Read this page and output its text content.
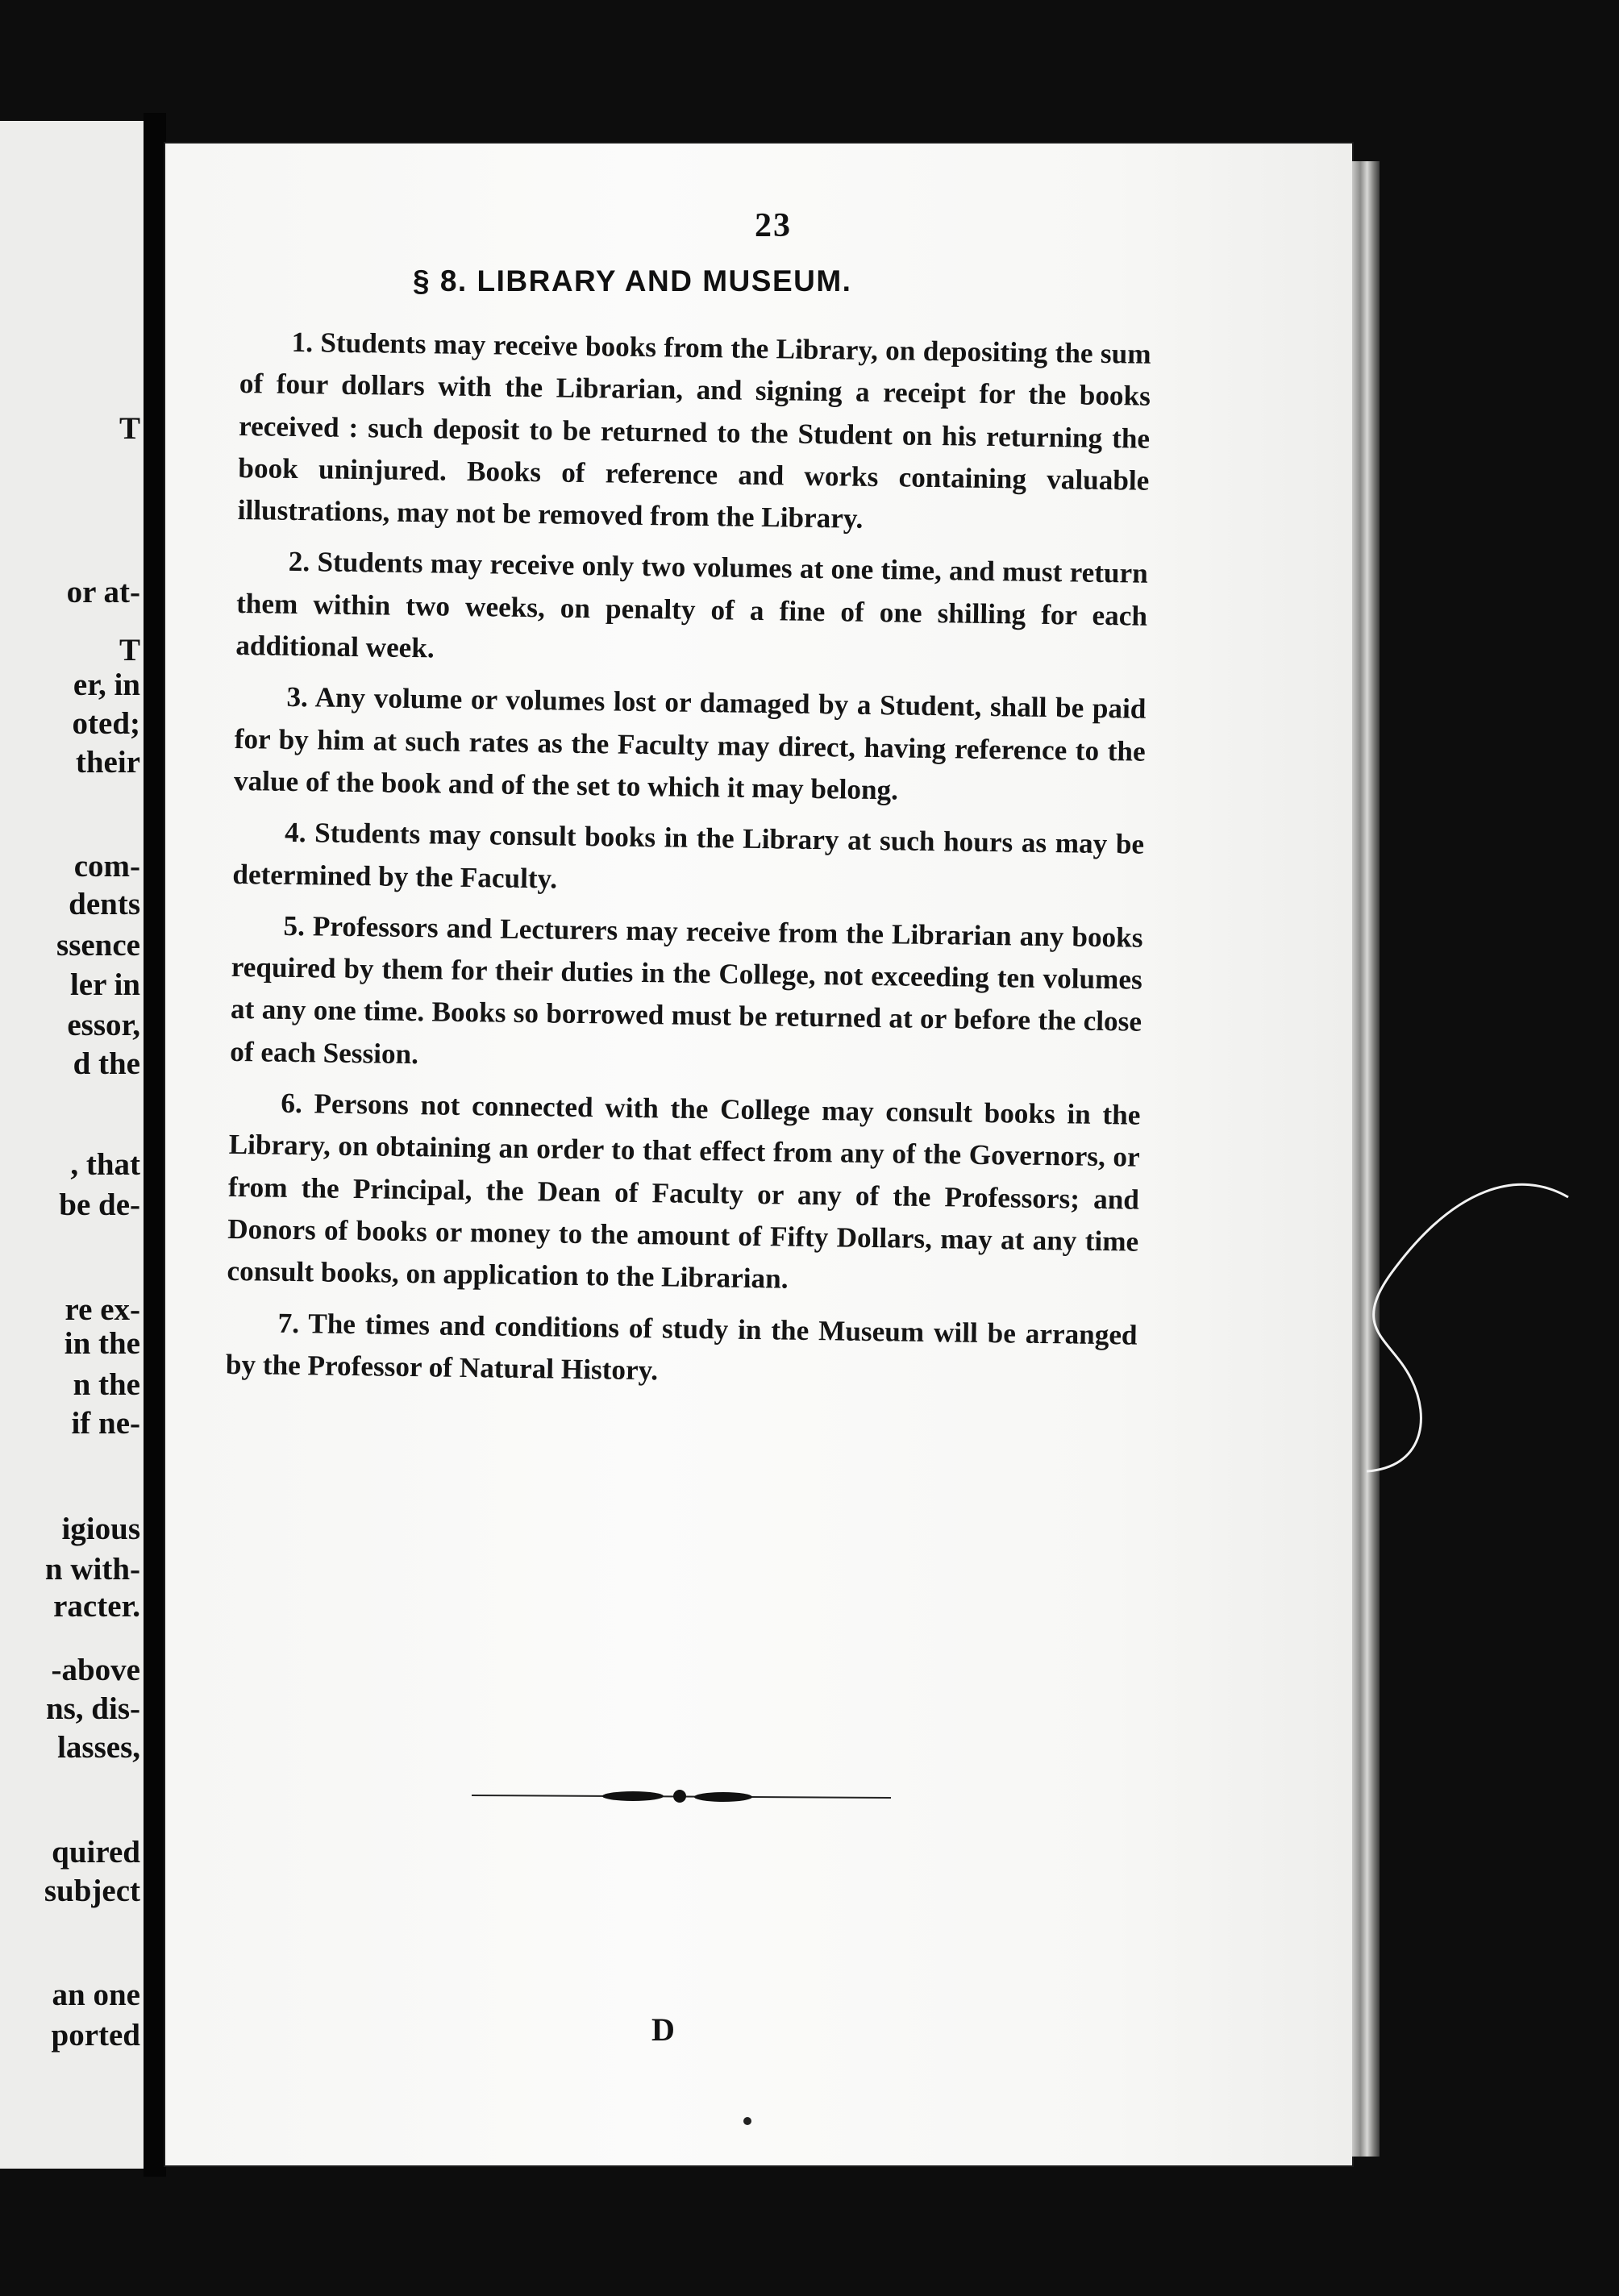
T

or at-

T

er, in

oted;

their

com-

dents

ssence

ler in

essor,

d the

, that

be de-

re ex-

in the

n the

if ne-

igious

n with-

racter.

-above

ns, dis-

lasses,

quired

subject

an one

ported

23

§ 8. LIBRARY AND MUSEUM.

1. Students may receive books from the Library, on depositing the sum of four dollars with the Librarian, and signing a receipt for the books received : such deposit to be returned to the Student on his returning the book uninjured. Books of reference and works containing valuable illustrations, may not be removed from the Library.

2. Students may receive only two volumes at one time, and must return them within two weeks, on penalty of a fine of one shilling for each additional week.

3. Any volume or volumes lost or damaged by a Student, shall be paid for by him at such rates as the Faculty may direct, having reference to the value of the book and of the set to which it may belong.

4. Students may consult books in the Library at such hours as may be determined by the Faculty.

5. Professors and Lecturers may receive from the Librarian any books required by them for their duties in the College, not exceeding ten volumes at any one time. Books so borrowed must be returned at or before the close of each Session.

6. Persons not connected with the College may consult books in the Library, on obtaining an order to that effect from any of the Governors, or from the Principal, the Dean of Faculty or any of the Professors; and Donors of books or money to the amount of Fifty Dollars, may at any time consult books, on application to the Librarian.

7. The times and conditions of study in the Museum will be arranged by the Professor of Natural History.

D
